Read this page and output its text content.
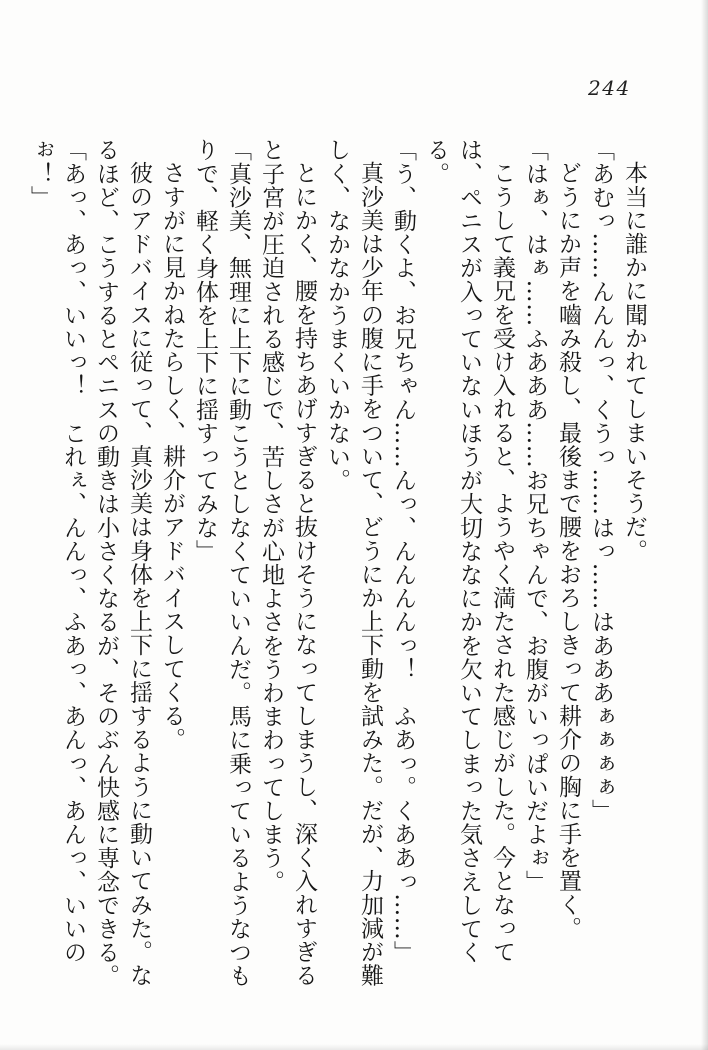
244

本当に誰かに聞かれてしまいそうだ。

「あむっ……んんんっ、くうっ……はっ……はあああぁぁぁぁ」

どうにか声を嚙み殺し、最後まで腰をおろしきって耕介の胸に手を置く。

「はぁ、はぁ……ふあああ……お兄ちゃんで、お腹がいっぱいだよぉ」

こうして義兄を受け入れると、ようやく満たされた感じがした。今となっては、ペニスが入っていないほうが大切ななにかを欠いてしまった気さえしてくる。

「う、動くよ、お兄ちゃん……んっ、んんんんっ！　ふあっ。くああっ……」

真沙美は少年の腹に手をついて、どうにか上下動を試みた。だが、力加減が難しく、なかなかうまくいかない。

とにかく、腰を持ちあげすぎると抜けそうになってしまうし、深く入れすぎると子宮が圧迫される感じで、苦しさが心地よさをうわまわってしまう。

「真沙美、無理に上下に動こうとしなくていいんだ。馬に乗っているようなつもりで、軽く身体を上下に揺すってみな」

さすがに見かねたらしく、耕介がアドバイスしてくる。

彼のアドバイスに従って、真沙美は身体を上下に揺するように動いてみた。なるほど、こうするとペニスの動きは小さくなるが、そのぶん快感に専念できる。

「あっ、あっ、いいっ！　これぇ、んんっ、ふあっ、あんっ、あんっ、いいのぉ！」
